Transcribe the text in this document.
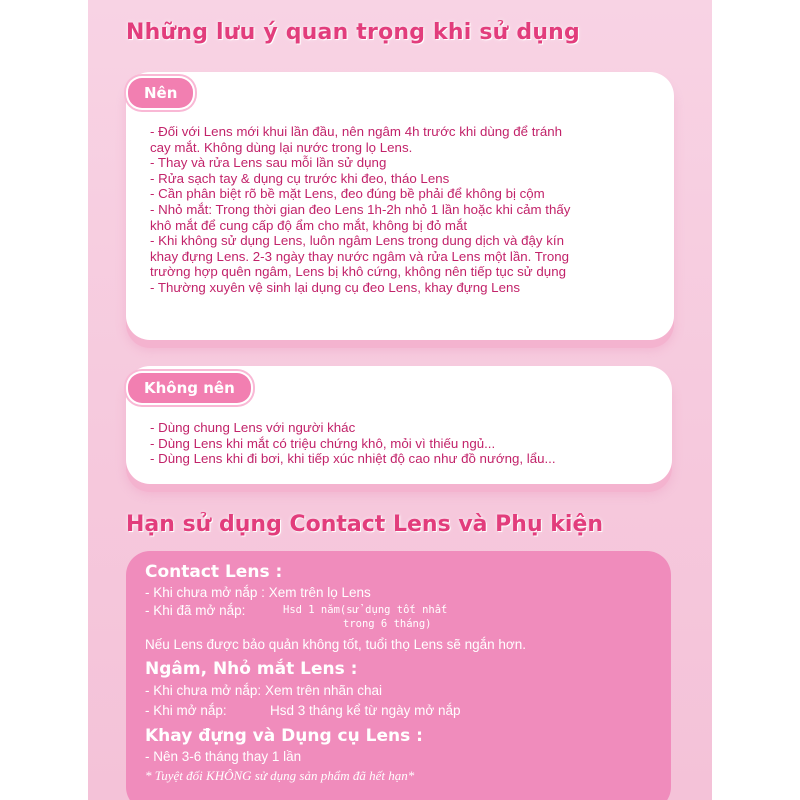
Những lưu ý quan trọng khi sử dụng
Nên
- Đối với Lens mới khui lần đầu, nên ngâm 4h trước khi dùng để tránh
cay mắt. Không dùng lại nước trong lọ Lens.
- Thay và rửa Lens sau mỗi lần sử dụng
- Rửa sạch tay & dụng cụ trước khi đeo, tháo Lens
- Cần phân biệt rõ bề mặt Lens, đeo đúng bề phải để không bị cộm
- Nhỏ mắt: Trong thời gian đeo Lens 1h-2h nhỏ 1 lần hoặc khi cảm thấy
khô mắt để cung cấp độ ẩm cho mắt, không bị đỏ mắt
- Khi không sử dụng Lens, luôn ngâm Lens trong dung dịch và đậy kín
khay đựng Lens. 2-3 ngày thay nước ngâm và rửa Lens một lần. Trong
trường hợp quên ngâm, Lens bị khô cứng, không nên tiếp tục sử dụng
- Thường xuyên vệ sinh lại dụng cụ đeo Lens, khay đựng Lens
Không nên
- Dùng chung Lens với người khác
- Dùng Lens khi mắt có triệu chứng khô, mỏi vì thiếu ngủ...
- Dùng Lens khi đi bơi, khi tiếp xúc nhiệt độ cao như đồ nướng, lẩu...
Hạn sử dụng Contact Lens và Phụ kiện
Contact Lens :
- Khi chưa mở nắp : Xem trên lọ Lens
- Khi đã mở nắp:	Hsd 1 năm(sử dụng tốt nhất
trong 6 tháng)
Nếu Lens được bảo quản không tốt, tuổi thọ Lens sẽ ngắn hơn.
Ngâm, Nhỏ mắt Lens :
- Khi chưa mở nắp: Xem trên nhãn chai
- Khi mở nắp:	Hsd 3 tháng kể từ ngày mở nắp
Khay đựng và Dụng cụ Lens :
- Nên 3-6 tháng thay 1 lần
* Tuyệt đối KHÔNG sử dụng sản phẩm đã hết hạn*
